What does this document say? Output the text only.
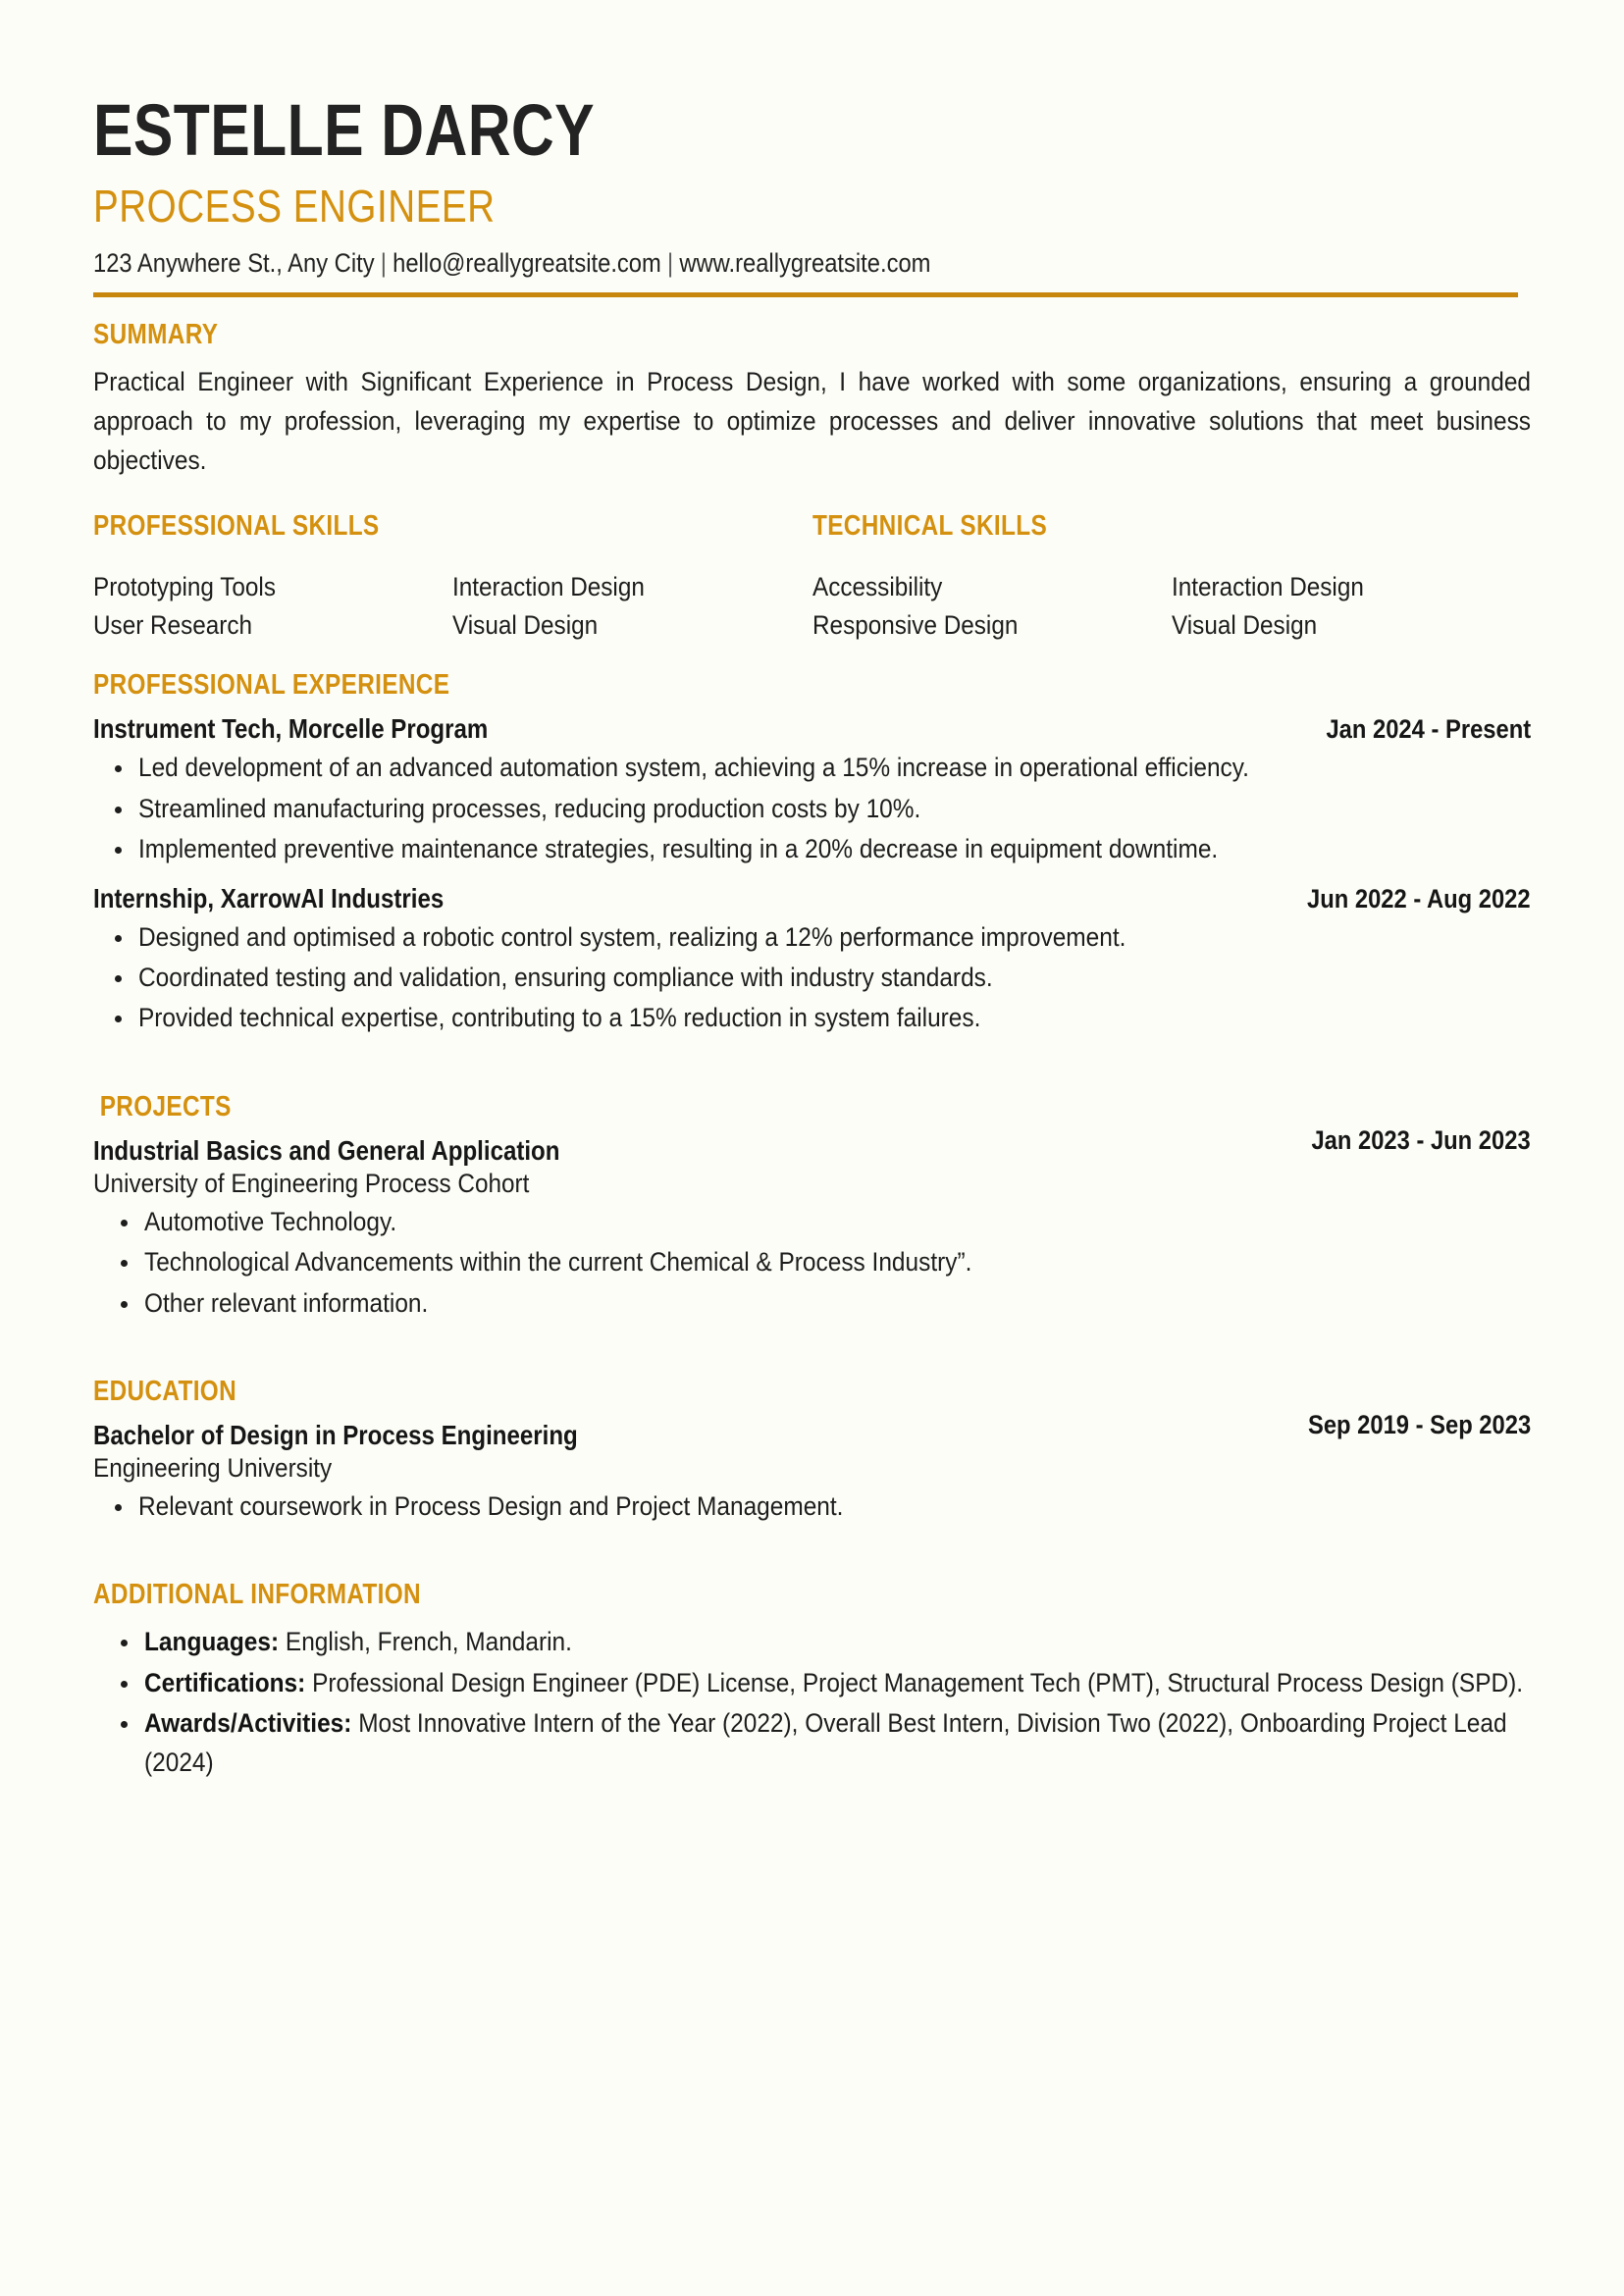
ESTELLE DARCY
PROCESS ENGINEER
123 Anywhere St., Any City | hello@reallygreatsite.com | www.reallygreatsite.com
SUMMARY
Practical Engineer with Significant Experience in Process Design, I have worked with some organizations, ensuring a grounded approach to my profession, leveraging my expertise to optimize processes and deliver innovative solutions that meet business objectives.
PROFESSIONAL SKILLS
Prototyping Tools
User Research
Interaction Design
Visual Design
TECHNICAL SKILLS
Accessibility
Responsive Design
Interaction Design
Visual Design
PROFESSIONAL EXPERIENCE
Instrument Tech, Morcelle Program	Jan 2024 - Present
Led development of an advanced automation system, achieving a 15% increase in operational efficiency.
Streamlined manufacturing processes, reducing production costs by 10%.
Implemented preventive maintenance strategies, resulting in a 20% decrease in equipment downtime.
Internship, XarrowAI Industries	Jun 2022 - Aug 2022
Designed and optimised a robotic control system, realizing a 12% performance improvement.
Coordinated testing and validation, ensuring compliance with industry standards.
Provided technical expertise, contributing to a 15% reduction in system failures.
PROJECTS
Industrial Basics and General Application
University of Engineering Process Cohort
Jan 2023 - Jun 2023
Automotive Technology.
Technological Advancements within the current Chemical & Process Industry”.
Other relevant information.
EDUCATION
Bachelor of Design in Process Engineering
Engineering University
Sep 2019 - Sep 2023
Relevant coursework in Process Design and Project Management.
ADDITIONAL INFORMATION
Languages: English, French, Mandarin.
Certifications: Professional Design Engineer (PDE) License, Project Management Tech (PMT), Structural Process Design (SPD).
Awards/Activities: Most Innovative Intern of the Year (2022), Overall Best Intern, Division Two (2022), Onboarding Project Lead (2024)
